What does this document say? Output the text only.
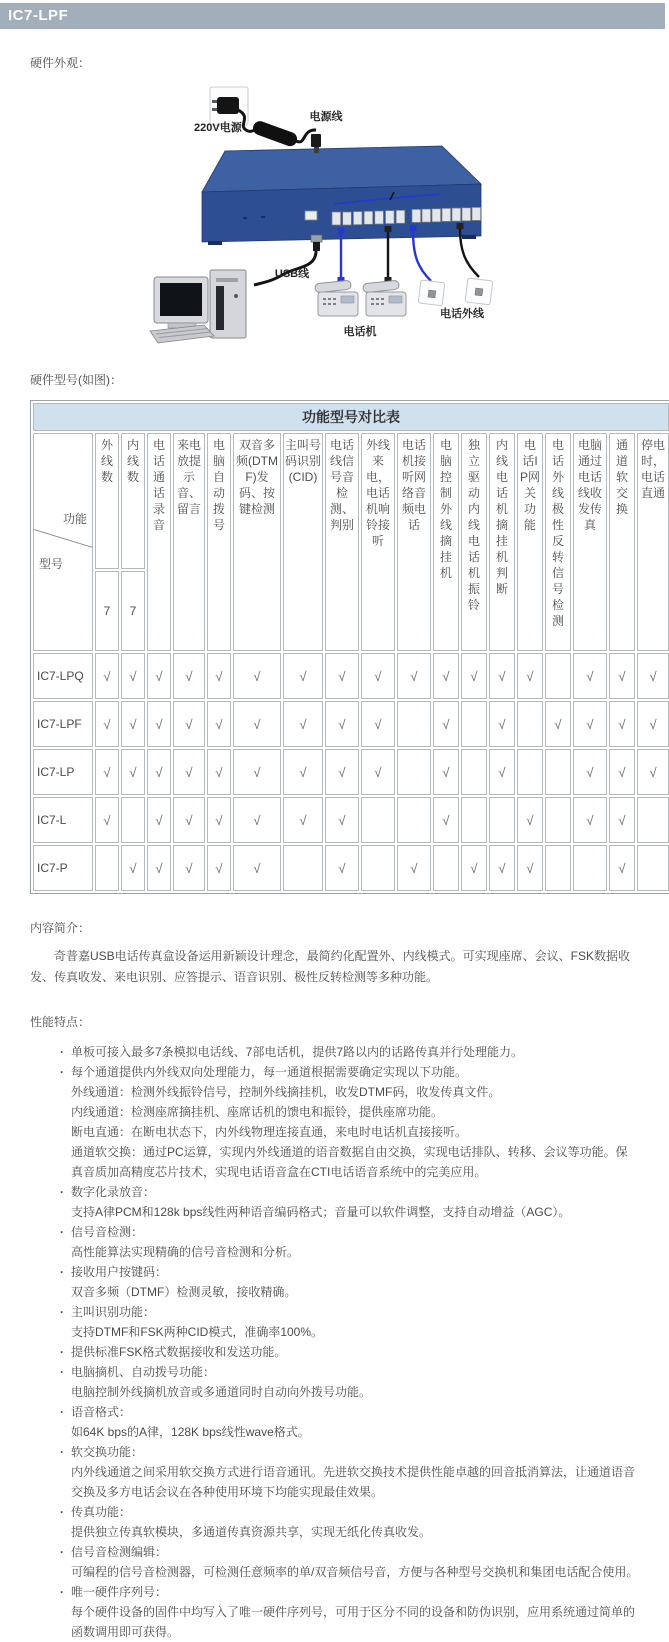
IC7-LPF
硬件外观：
220V电源
电源线
USB线
电话机
电话外线
硬件型号(如图)：
功能型号对比表																		

功能
型号	外线数	内线数	电话通话录音	来电放提示音、留言	电脑自动拨号	双音多频(DTMF)发码、按键检测	主叫号码识别(CID)	电话线信号音检测、判别	外线来电，电话机响铃接听	电话机接听网络音频电话	电脑控制外线摘挂机	独立驱动内线电话机振铃	内线电话机摘挂机判断	电话IP网关功能	电话外线极性反转信号检测	电脑通过电话线收发传真	通道软交换	停电时，电话直通
	7	7																
IC7-LPQ	√	√	√	√	√	√	√	√	√	√	√	√	√	√		√	√	√
IC7-LPF	√	√	√	√	√	√	√	√	√		√		√		√	√	√	√
IC7-LP	√	√	√	√	√	√	√	√	√		√		√			√	√	√
IC7-L	√		√	√	√	√	√	√			√			√		√	√	
IC7-P		√	√	√	√	√		√		√		√	√	√			√	
内容简介：

奇普嘉USB电话传真盒设备运用新颖设计理念，最简约化配置外、内线模式。可实现座席、会议、FSK数据收发、传真收发、来电识别、应答提示、语音识别、极性反转检测等多种功能。

性能特点：
· 单板可接入最多7条模拟电话线、7部电话机，提供7路以内的话路传真并行处理能力。
· 每个通道提供内外线双向处理能力，每一通道根据需要确定实现以下功能。
外线通道：检测外线振铃信号，控制外线摘挂机，收发DTMF码，收发传真文件。
内线通道：检测座席摘挂机、座席话机的馈电和振铃，提供座席功能。
断电直通：在断电状态下，内外线物理连接直通，来电时电话机直接接听。
通道软交换：通过PC运算，实现内外线通道的语音数据自由交换，实现电话排队、转移、会议等功能。保真音质加高精度芯片技术，实现电话语音盒在CTI电话语音系统中的完美应用。
· 数字化录放音：
支持A律PCM和128k bps线性两种语音编码格式；音量可以软件调整，支持自动增益（AGC）。
· 信号音检测：
高性能算法实现精确的信号音检测和分析。
· 接收用户按键码：
双音多频（DTMF）检测灵敏，接收精确。
· 主叫识别功能：
支持DTMF和FSK两种CID模式，准确率100%。
· 提供标准FSK格式数据接收和发送功能。
· 电脑摘机、自动拨号功能：
电脑控制外线摘机放音或多通道同时自动向外拨号功能。
· 语音格式：
如64K bps的A律，128K bps线性wave格式。
· 软交换功能：
内外线通道之间采用软交换方式进行语音通讯。先进软交换技术提供性能卓越的回音抵消算法，让通道语音交换及多方电话会议在各种使用环境下均能实现最佳效果。
· 传真功能：
提供独立传真软模块，多通道传真资源共享，实现无纸化传真收发。
· 信号音检测编辑：
可编程的信号音检测器，可检测任意频率的单/双音频信号音，方便与各种型号交换机和集团电话配合使用。
· 唯一硬件序列号：
每个硬件设备的固件中均写入了唯一硬件序列号，可用于区分不同的设备和防伪识别，应用系统通过简单的函数调用即可获得。
